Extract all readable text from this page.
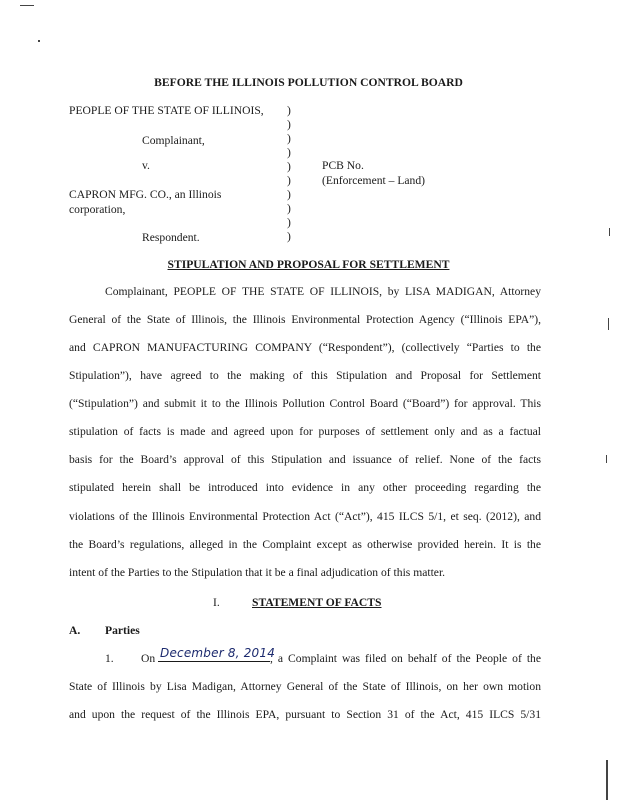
BEFORE THE ILLINOIS POLLUTION CONTROL BOARD
PEOPLE OF THE STATE OF ILLINOIS,
Complainant,
v.
CAPRON MFG. CO., an Illinois
corporation,
Respondent.
)
)
)
)
)
)
)
)
)
)
PCB No.
(Enforcement – Land)
STIPULATION AND PROPOSAL FOR SETTLEMENT
Complainant, PEOPLE OF THE STATE OF ILLINOIS, by LISA MADIGAN, Attorney
General of the State of Illinois, the Illinois Environmental Protection Agency (“Illinois EPA”),
and CAPRON MANUFACTURING COMPANY (“Respondent”), (collectively “Parties to the
Stipulation”), have agreed to the making of this Stipulation and Proposal for Settlement
(“Stipulation”) and submit it to the Illinois Pollution Control Board (“Board”) for approval. This
stipulation of facts is made and agreed upon for purposes of settlement only and as a factual
basis for the Board’s approval of this Stipulation and issuance of relief. None of the facts
stipulated herein shall be introduced into evidence in any other proceeding regarding the
violations of the Illinois Environmental Protection Act (“Act”), 415 ILCS 5/1, et seq. (2012), and
the Board’s regulations, alleged in the Complaint except as otherwise provided herein. It is the
intent of the Parties to the Stipulation that it be a final adjudication of this matter.
I.	STATEMENT OF FACTS
A. Parties
1. On December 8, 2014
, a Complaint was filed on behalf of the People of the
State of Illinois by Lisa Madigan, Attorney General of the State of Illinois, on her own motion
and upon the request of the Illinois EPA, pursuant to Section 31 of the Act, 415 ILCS 5/31
